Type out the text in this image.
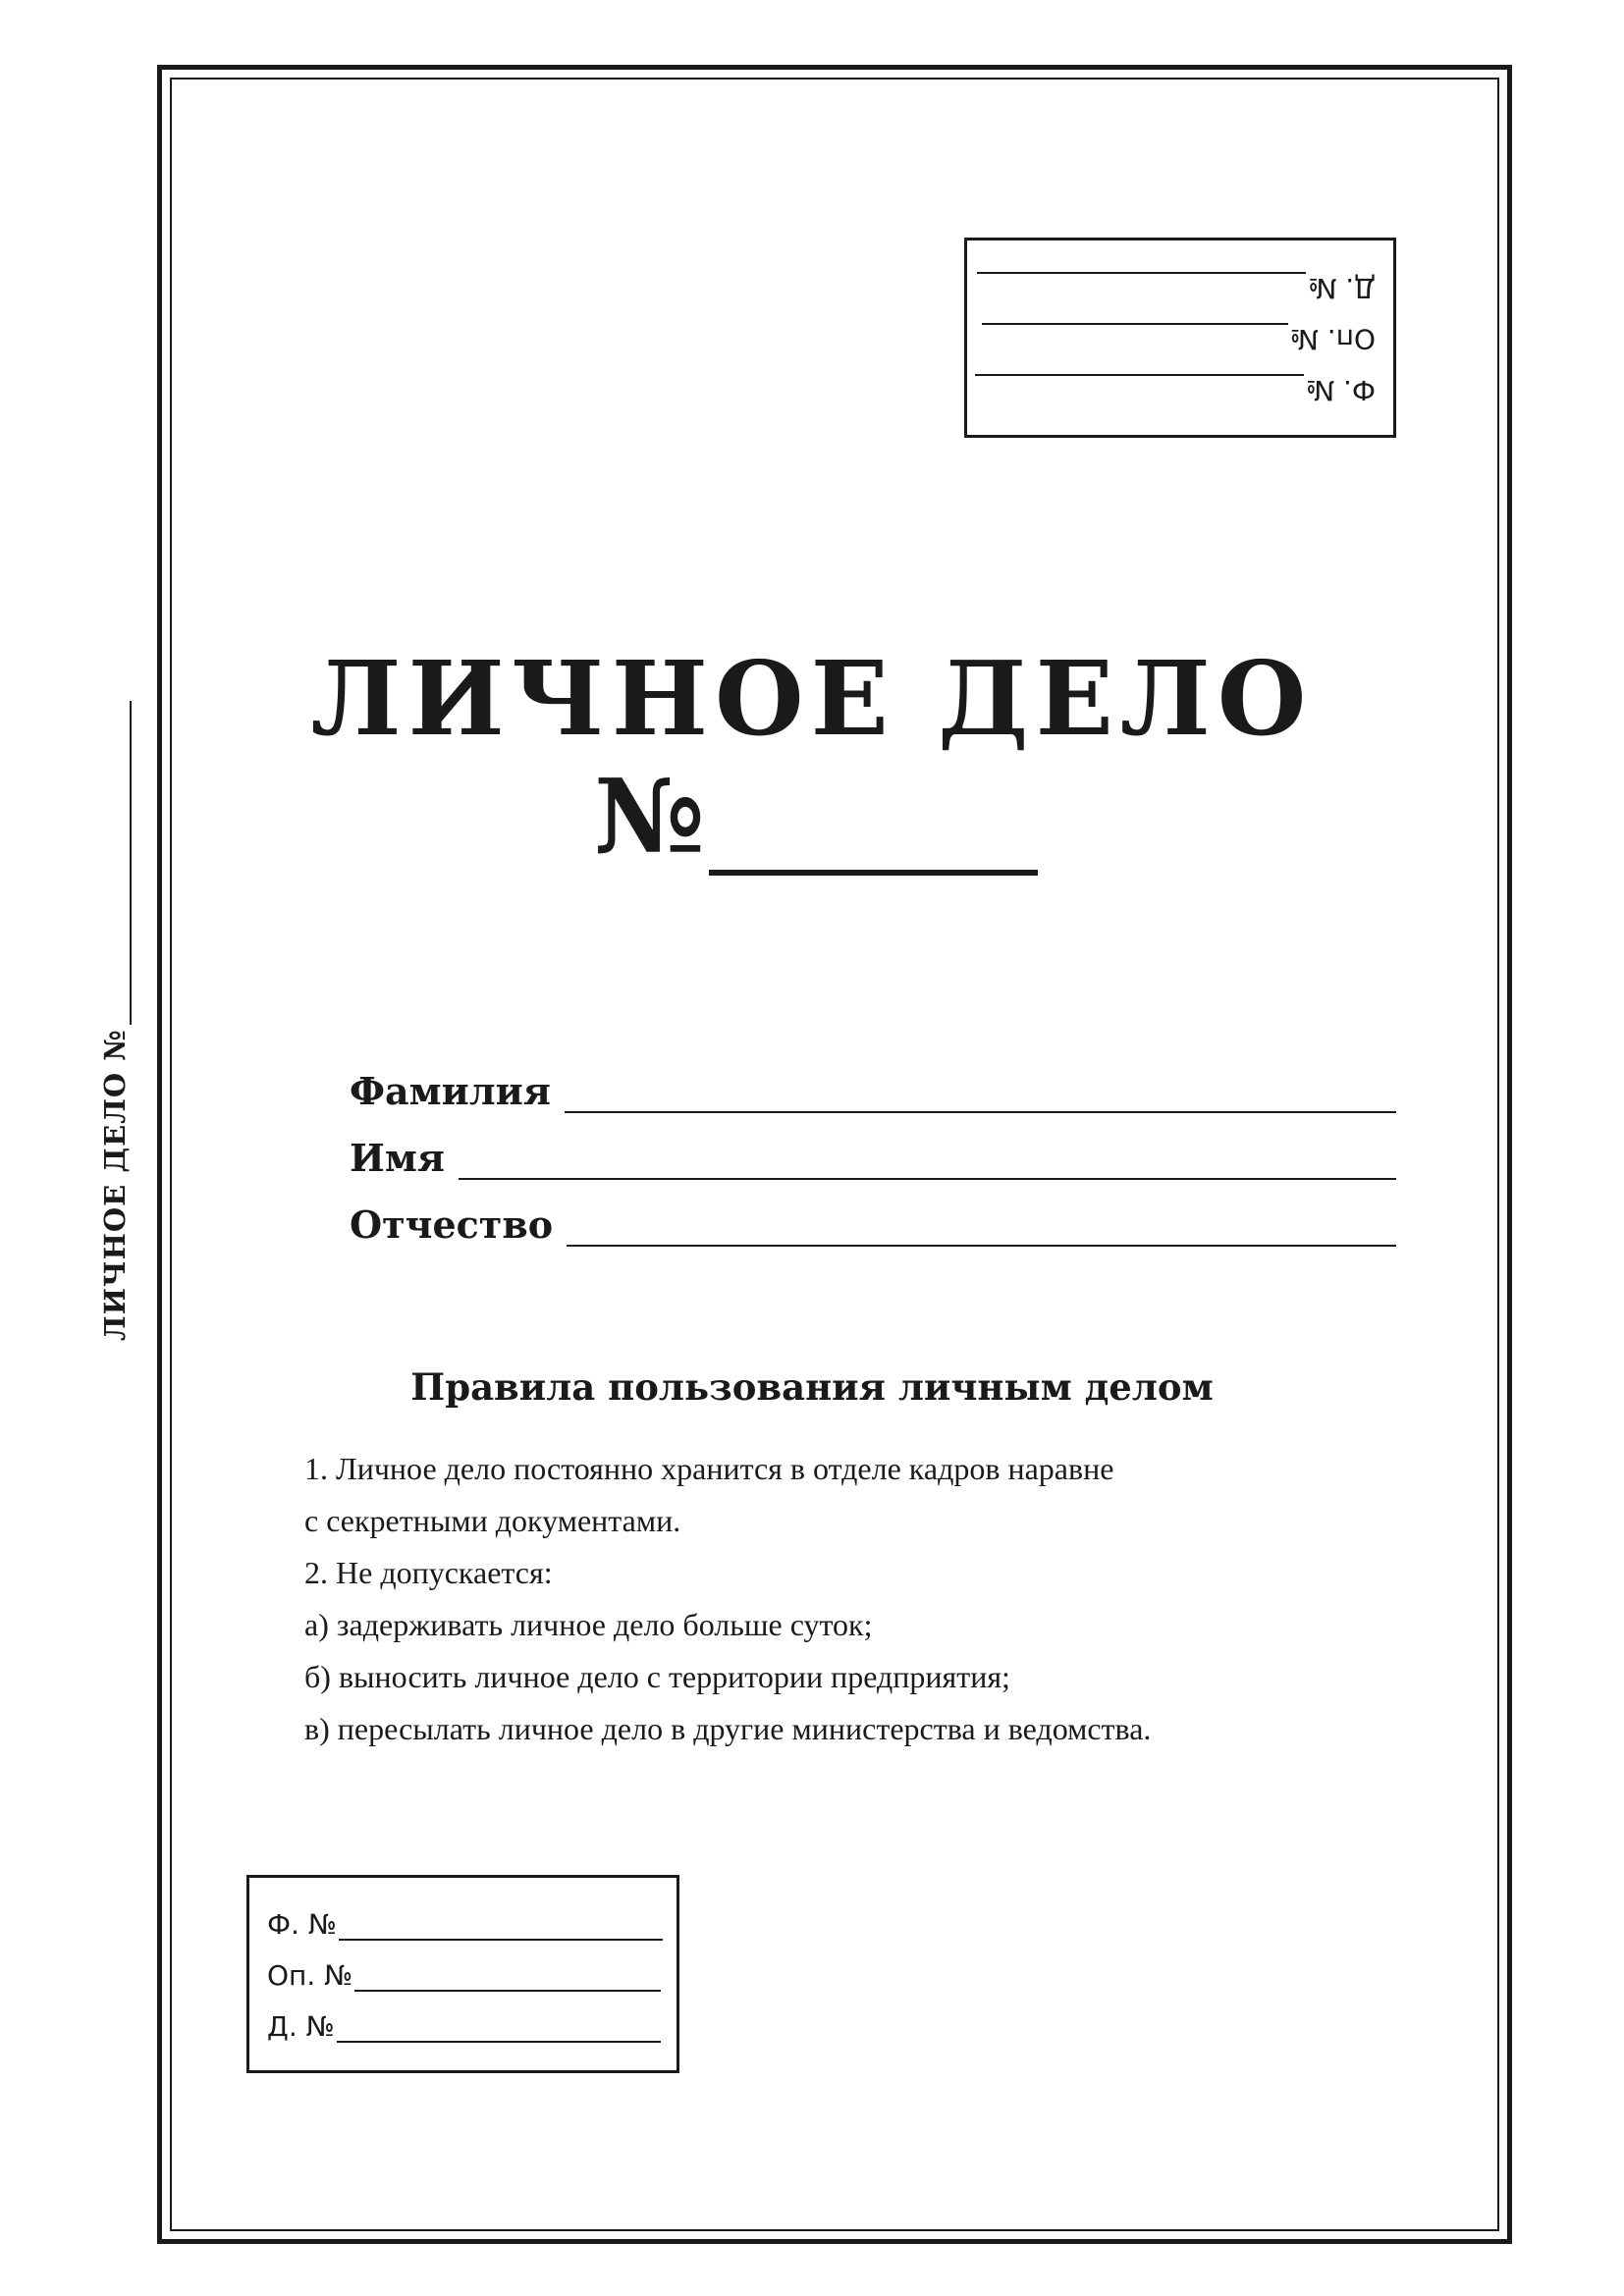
ЛИЧНОЕ ДЕЛО №
Ф. №
Оп. №
Д. №
ЛИЧНОЕ ДЕЛО
№
Фамилия
Имя
Отчество
Правила пользования личным делом
1. Личное дело постоянно хранится в отделе кадров наравне
с секретными документами.
2. Не допускается:
а) задерживать личное дело больше суток;
б) выносить личное дело с территории предприятия;
в) пересылать личное дело в другие министерства и ведомства.
Ф. №
Оп. №
Д. №
